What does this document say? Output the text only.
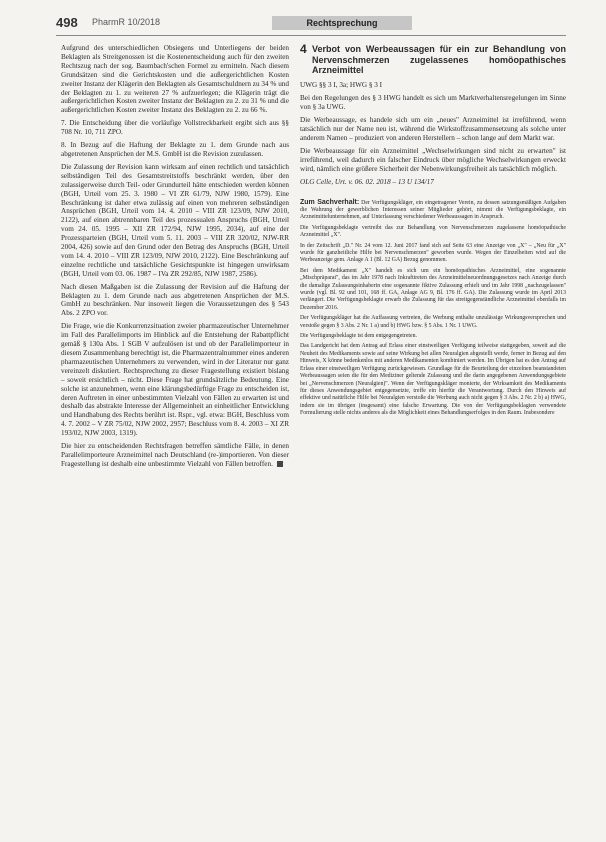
498 PharmR 10/2018	Rechtsprechung

Aufgrund des unterschiedlichen Obsiegens und Unterliegens der beiden Beklagten als Streitgenossen ist die Kostenentscheidung auch für den zweiten Rechtszug nach der sog. Baumbach'schen Formel zu ermitteln. Nach diesem Grundsätzen sind die Gerichtskosten und die außergerichtlichen Kosten zweiter Instanz der Klägerin den Beklagten als Gesamtschuldnern zu 34 % und der Beklagten zu 1. zu weiteren 27 % aufzuerlegen; die Klägerin trägt die außergerichtlichen Kosten zweiter Instanz der Beklagten zu 2. zu 31 % und die außergerichtlichen Kosten zweiter Instanz des Beklagten zu 2. zu 66 %.

7. Die Entscheidung über die vorläufige Vollstreckbarkeit ergibt sich aus §§ 708 Nr. 10, 711 ZPO.

8. In Bezug auf die Haftung der Beklagte zu 1. dem Grunde nach aus abgetretenen Ansprüchen der M.S. GmbH ist die Revision zuzulassen.

Die Zulassung der Revision kann wirksam auf einen rechtlich und tatsächlich selbständigen Teil des Gesamtstreitstoffs beschränkt werden, über den zulassigerweise durch Teil- oder Grundurteil hätte entschieden werden können (BGH, Urteil vom 25. 3. 1980 – VI ZR 61/79, NJW 1980, 1579). Eine Beschränkung ist daher etwa zulässig auf einen von mehreren selbständigen Ansprüchen (BGH, Urteil vom 14. 4. 2010 – VIII ZR 123/09, NJW 2010, 2122), auf einen abtrennbaren Teil des prozessualen Anspruchs (BGH, Urteil vom 24. 05. 1995 – XII ZR 172/94, NJW 1995, 2034), auf eine der Prozessparteien (BGH, Urteil vom 5. 11. 2003 – VIII ZR 320/02, NJW-RR 2004, 426) sowie auf den Grund oder den Betrag des Anspruchs (BGH, Urteil vom 14. 4. 2010 – VIII ZR 123/09, NJW 2010, 2122). Eine Beschränkung auf einzelne rechtliche und tatsächliche Gesichtspunkte ist hingegen unwirksam (BGH, Urteil vom 03. 06. 1987 – IVa ZR 292/85, NJW 1987, 2586).

Nach diesen Maßgaben ist die Zulassung der Revision auf die Haftung der Beklagten zu 1. dem Grunde nach aus abgetretenen Ansprüchen der M.S. GmbH zu beschränken. Nur insoweit liegen die Voraussetzungen des § 543 Abs. 2 ZPO vor.

Die Frage, wie die Konkurrenzsituation zweier pharmazeutischer Unternehmer im Fall des Parallelimports im Hinblick auf die Entstehung der Rabattpflicht gemäß § 130a Abs. 1 SGB V aufzulösen ist und ob der Parallelimporteur in diesem Zusammenhang berechtigt ist, die Pharmazentralnummer eines anderen pharmazeutischen Unternehmers zu verwenden, wird in der Literatur nur ganz vereinzelt diskutiert. Rechtsprechung zu dieser Fragestellung existiert bislang – soweit ersichtlich – nicht. Diese Frage hat grundsätzliche Bedeutung. Eine solche ist anzunehmen, wenn eine klärungsbedürftige Frage zu entscheiden ist, deren Auftreten in einer unbestimmten Vielzahl von Fällen zu erwarten ist und deshalb das abstrakte Interesse der Allgemeinheit an einheitlicher Entwicklung und Handhabung des Rechts berührt ist. Rspr., vgl. etwa: BGH, Beschluss vom 4. 7. 2002 – V ZR 75/02, NJW 2002, 2957; Beschluss vom 8. 4. 2003 – XI ZR 193/02, NJW 2003, 1319).

Die hier zu entscheidenden Rechtsfragen betreffen sämtliche Fälle, in denen Parallelimporteure Arzneimittel nach Deutschland (re-)importieren. Von dieser Fragestellung ist deshalb eine unbestimmte Vielzahl von Fällen betroffen.

4 Verbot von Werbeaussagen für ein zur Behandlung von Nervenschmerzen zugelassenes homöopathisches Arzneimittel

UWG §§ 3 I, 3a; HWG § 3 I

Bei den Regelungen des § 3 HWG handelt es sich um Marktverhaltensregelungen im Sinne von § 3a UWG.

Die Werbeaussage, es handele sich um ein „neues" Arzneimittel ist irreführend, wenn tatsächlich nur der Name neu ist, während die Wirkstoffzusammensetzung als solche unter anderem Namen – produziert von anderen Herstellern – schon lange auf dem Markt war.

Die Werbeaussage für ein Arzneimittel „Wechselwirkungen sind nicht zu erwarten" ist irreführend, weil dadurch ein falscher Eindruck über mögliche Wechselwirkungen erweckt wird, nämlich eine größere Sicherheit der Nebenwirkungsfreiheit als tatsächlich möglich.

OLG Celle, Urt. v. 06. 02. 2018 – 13 U 134/17

Zum Sachverhalt: Der Verfügungskläger, ein eingetragener Verein, zu dessen satzungsmäßigen Aufgaben die Wahrung der gewerblichen Interessen seiner Mitglieder gehört, nimmt die Verfügungsbeklagte, ein Arzneimittelunternehmen, auf Unterlassung verschiedener Werbeaussagen in Anspruch.

Die Verfügungsbeklagte vertreibt das zur Behandlung von Nervenschmerzen zugelassene homöopathische Arzneimittel „X".

In der Zeitschrift „D." Nr. 24 vom 12. Juni 2017 fand sich auf Seite 63 eine Anzeige von „X" – „Neu für „X" wurde für ganzheitliche Hilfe bei Nervenschmerzen" geworben wurde. Wegen der Einzelheiten wird auf die Werbeanzeige gem. Anlage A 1 (Bl. 12 GA) Bezug genommen.

Bei dem Medikament „X" handelt es sich um ein homöopathisches Arzneimittel, eine sogenannte „Mischpräparat", das im Jahr 1978 nach Inkrafttreten des Arzneimittelneuordnungsgesetzes nach Anzeige durch die damalige Zulassungsinhaberin eine sogenannte fiktive Zulassung erhielt und im Jahr 1998 „nachzugelassen" wurde (vgl. Bl. 92 und 101, 168 ff. GA, Anlage AG 9, Bl. 176 ff. GA). Die Zulassung wurde im April 2013 verlängert. Die Verfügungsbeklagte erwarb die Zulassung für das streitgegenständliche Arzneimittel ebenfalls im Dezember 2016.

Der Verfügungskläger hat die Auffassung vertreten, die Werbung enthalte unzulässige Wirkungsversprechen und verstoße gegen § 3 Abs. 2 Nr. 1 a) und b) HWG bzw. § 5 Abs. 1 Nr. 1 UWG.

Die Verfügungsbeklagte ist dem entgegengetreten.

Das Landgericht hat dem Antrag auf Erlass einer einstweiligen Verfügung teilweise stattgegeben, soweit auf die Neuheit des Medikaments sowie auf seine Wirkung bei allen Neuralgien abgestellt werde, ferner in Bezug auf den Hinweis, X könne bedenkenlos mit anderen Medikamenten kombiniert werden. Im Übrigen hat es den Antrag auf Erlass einer einstweiligen Verfügung zurückgewiesen. Grundlage für die Beurteilung der einzelnen beanstandeten Werbeaussagen seien die für den Mediziner geltende Zulassung und die darin angegebenen Anwendungsgebiete bei „Nervenschmerzen (Neuralgien)". Wenn der Verfügungskläger monierte, der Wirksamkeit des Medikaments für dieses Anwendungsgebiet entgegensetzte, treffe ein hierfür die Verantwortung. Durch den Hinweis auf effektive und natürliche Hilfe bei Neuralgien verstoße die Werbung auch nicht gegen § 3 Abs. 2 Nr. 2 b) a) HWG, indem sie im übrigen (insgesamt) eine falsche Erwartung. Die von der Verfügungsbeklagten verwendete Formulierung stelle nichts anderes als die Möglichkeit eines Behandlungserfolges in den Raum. Insbesondere
